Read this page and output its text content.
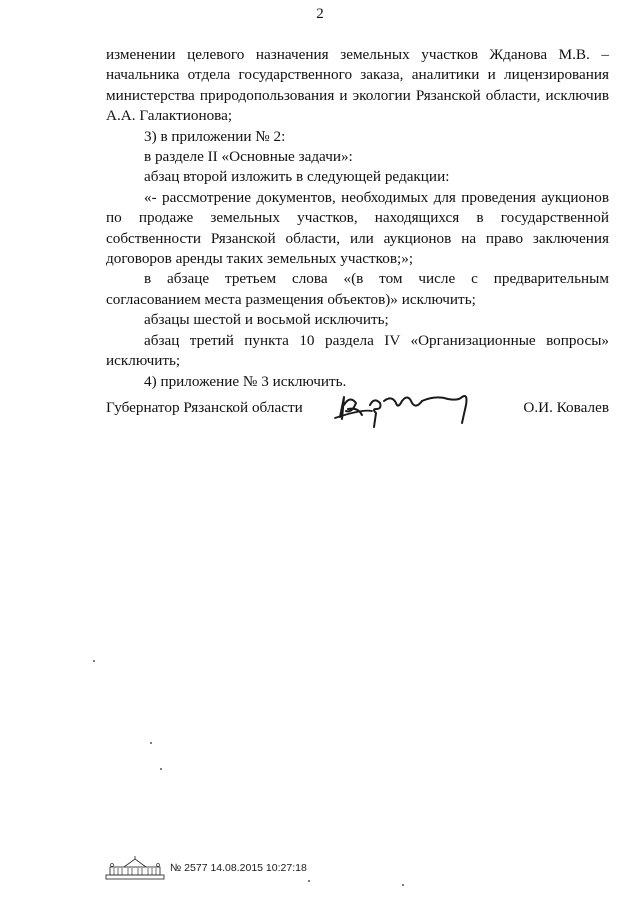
2

изменении целевого назначения земельных участков Жданова М.В. – начальника отдела государственного заказа, аналитики и лицензирования министерства природопользования и экологии Рязанской области, исключив А.А. Галактионова;

3) в приложении № 2:

в разделе II «Основные задачи»:

абзац второй изложить в следующей редакции:

«- рассмотрение документов, необходимых для проведения аукционов по продаже земельных участков, находящихся в государственной собственности Рязанской области, или аукционов на право заключения договоров аренды таких земельных участков;»;

в абзаце третьем слова «(в том числе с предварительным согласованием места размещения объектов)» исключить;

абзацы шестой и восьмой исключить;

абзац третий пункта 10 раздела IV «Организационные вопросы» исключить;

4) приложение № 3 исключить.

Губернатор Рязанской области	О.И. Ковалев
№ 2577 14.08.2015 10:27:18
